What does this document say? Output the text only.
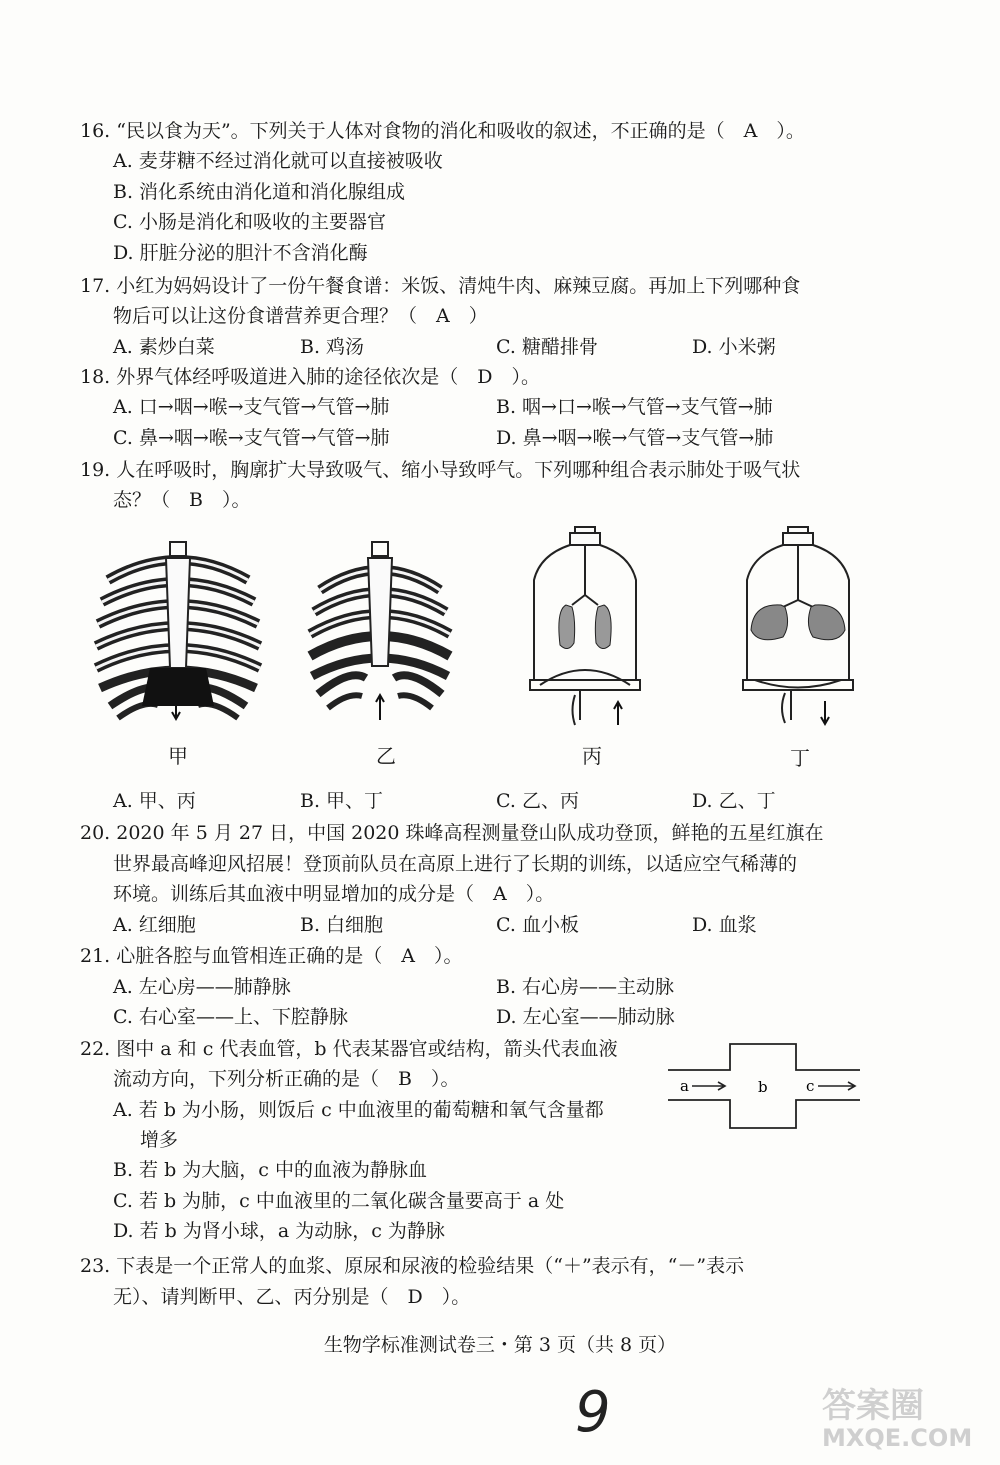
16. “民以食为天”。下列关于人体对食物的消化和吸收的叙述，不正确的是（　A　）。
A. 麦芽糖不经过消化就可以直接被吸收
B. 消化系统由消化道和消化腺组成
C. 小肠是消化和吸收的主要器官
D. 肝脏分泌的胆汁不含消化酶
17. 小红为妈妈设计了一份午餐食谱：米饭、清炖牛肉、麻辣豆腐。再加上下列哪种食
物后可以让这份食谱营养更合理？（　A　）
A. 素炒白菜	B. 鸡汤	C. 糖醋排骨	D. 小米粥
18. 外界气体经呼吸道进入肺的途径依次是（　D　）。
A. 口→咽→喉→支气管→气管→肺	B. 咽→口→喉→气管→支气管→肺
C. 鼻→咽→喉→支气管→气管→肺	D. 鼻→咽→喉→气管→支气管→肺
19. 人在呼吸时，胸廓扩大导致吸气、缩小导致呼气。下列哪种组合表示肺处于吸气状
态？（　B　）。
甲	乙	丙	丁
A. 甲、丙	B. 甲、丁	C. 乙、丙	D. 乙、丁
20. 2020 年 5 月 27 日，中国 2020 珠峰高程测量登山队成功登顶，鲜艳的五星红旗在
世界最高峰迎风招展！登顶前队员在高原上进行了长期的训练，以适应空气稀薄的
环境。训练后其血液中明显增加的成分是（　A　）。
A. 红细胞	B. 白细胞	C. 血小板	D. 血浆
21. 心脏各腔与血管相连正确的是（　A　）。
A. 左心房——肺静脉	B. 右心房——主动脉
C. 右心室——上、下腔静脉	D. 左心室——肺动脉
22. 图中 a 和 c 代表血管，b 代表某器官或结构，箭头代表血液
流动方向，下列分析正确的是（　B　）。
A. 若 b 为小肠，则饭后 c 中血液里的葡萄糖和氧气含量都
增多
B. 若 b 为大脑，c 中的血液为静脉血
C. 若 b 为肺，c 中血液里的二氧化碳含量要高于 a 处
D. 若 b 为肾小球，a 为动脉，c 为静脉
a	b	c
23. 下表是一个正常人的血浆、原尿和尿液的检验结果（“＋”表示有，“－”表示
无）、请判断甲、乙、丙分别是（　D　）。
生物学标准测试卷三・第 3 页（共 8 页）
9	答案圈
MXQE.COM
